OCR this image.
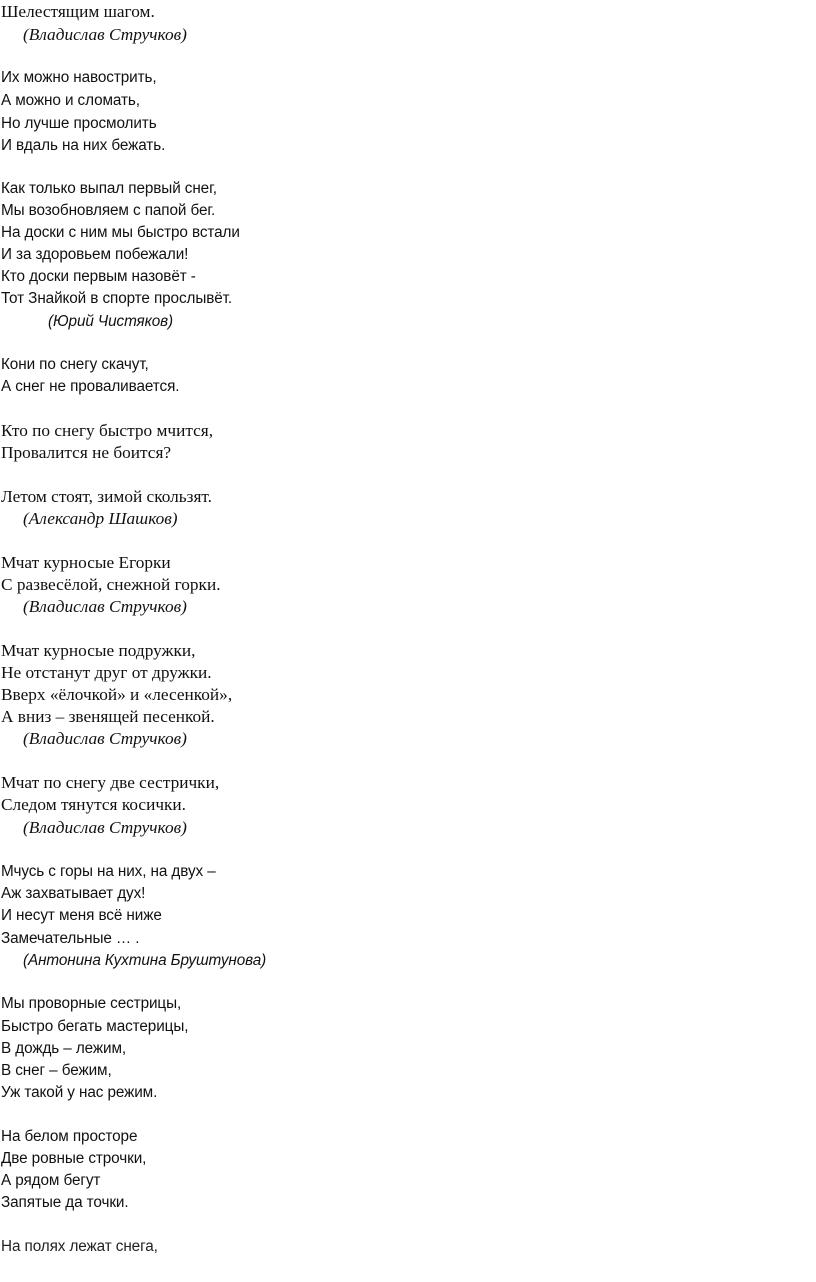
Шелестящим шагом.

(Владислав Стручков)

Их можно навострить,

А можно и сломать,

Но лучше просмолить

И вдаль на них бежать.

Как только выпал первый снег,

Мы возобновляем с папой бег.

На доски с ним мы быстро встали

И за здоровьем побежали!

Кто доски первым назовёт -

Тот Знайкой в спорте прослывёт.

(Юрий Чистяков)

Кони по снегу скачут,

А снег не проваливается.

Кто по снегу быстро мчится,

Провалится не боится?

Летом стоят, зимой скользят.

(Александр Шашков)

Мчат курносые Егорки

С развесёлой, снежной горки.

(Владислав Стручков)

Мчат курносые подружки,

Не отстанут друг от дружки.

Вверх «ёлочкой» и «лесенкой»,

А вниз – звенящей песенкой.

(Владислав Стручков)

Мчат по снегу две сестрички,

Следом тянутся косички.

(Владислав Стручков)

Мчусь с горы на них, на двух –

Аж захватывает дух!

И несут меня всё ниже

Замечательные … .

(Антонина Кухтина Бруштунова)

Мы проворные сестрицы,

Быстро бегать мастерицы,

В дождь – лежим,

В снег – бежим,

Уж такой у нас режим.

На белом просторе

Две ровные строчки,

А рядом бегут

Запятые да точки.

На полях лежат снега,
